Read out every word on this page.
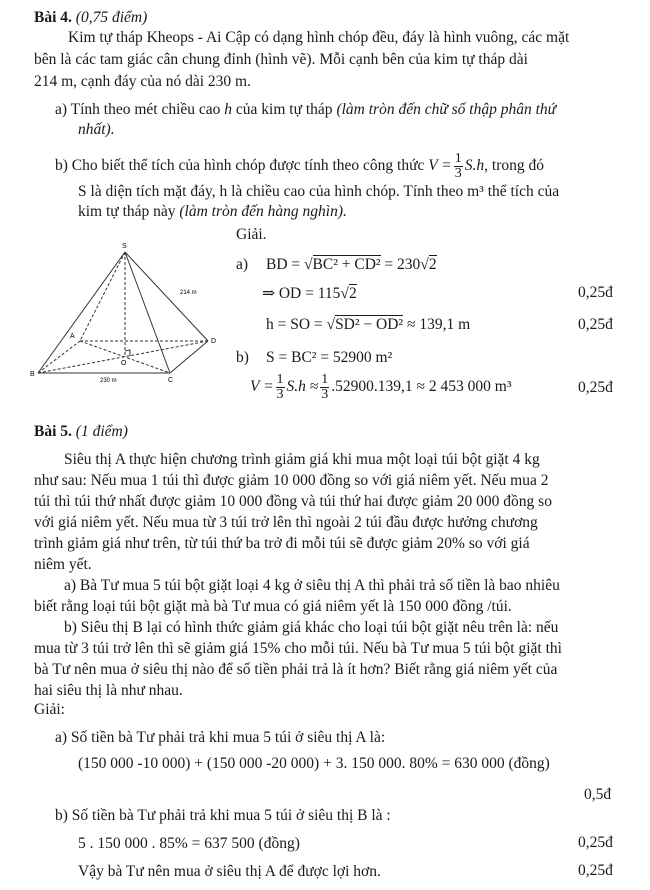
Bài 4. (0,75 điểm)
Kim tự tháp Kheops - Ai Cập có dạng hình chóp đều, đáy là hình vuông, các mặt
bên là các tam giác cân chung đỉnh (hình vẽ). Mỗi cạnh bên của kim tự tháp dài
214 m, cạnh đáy của nó dài 230 m.
a) Tính theo mét chiều cao h của kim tự tháp (làm tròn đến chữ số thập phân thứ
nhất).
b) Cho biết thể tích của hình chóp được tính theo công thức $V = \frac{1}{3} S.h$, trong đó
S là diện tích mặt đáy, h là chiều cao của hình chóp. Tính theo m³ thể tích của
kim tự tháp này (làm tròn đến hàng nghìn).
Giải.
S
A
B
C
D
O
214 m
230 m
a) BD = √BC² + CD² = 230√2
⇒ OD = 115√2	0,25đ
h = SO = √SD² − OD² ≈ 139,1 m	0,25đ
b) S = BC² = 52900 m²
$V = \frac{1}{3} S.h \approx \frac{1}{3} .52900.139,1 \approx 2$ 453 000 m³	0,25đ
Bài 5. (1 điểm)
Siêu thị A thực hiện chương trình giảm giá khi mua một loại túi bột giặt 4 kg
như sau: Nếu mua 1 túi thì được giảm 10 000 đồng so với giá niêm yết. Nếu mua 2
túi thì túi thứ nhất được giảm 10 000 đồng và túi thứ hai được giảm 20 000 đồng so
với giá niêm yết. Nếu mua từ 3 túi trở lên thì ngoài 2 túi đầu được hưởng chương
trình giảm giá như trên, từ túi thứ ba trở đi mỗi túi sẽ được giảm 20% so với giá
niêm yết.
a) Bà Tư mua 5 túi bột giặt loại 4 kg ở siêu thị A thì phải trả số tiền là bao nhiêu
biết rằng loại túi bột giặt mà bà Tư mua có giá niêm yết là 150 000 đồng /túi.
b) Siêu thị B lại có hình thức giảm giá khác cho loại túi bột giặt nêu trên là: nếu
mua từ 3 túi trở lên thì sẽ giảm giá 15% cho mỗi túi. Nếu bà Tư mua 5 túi bột giặt thì
bà Tư nên mua ở siêu thị nào để số tiền phải trả là ít hơn? Biết rằng giá niêm yết của
hai siêu thị là như nhau.
Giải:
a) Số tiền bà Tư phải trả khi mua 5 túi ở siêu thị A là:
(150 000 -10 000) + (150 000 -20 000) + 3. 150 000. 80% = 630 000 (đồng)
0,5đ
b) Số tiền bà Tư phải trả khi mua 5 túi ở siêu thị B là :
5 . 150 000 . 85% = 637 500 (đồng)	0,25đ
Vậy bà Tư nên mua ở siêu thị A để được lợi hơn.	0,25đ
